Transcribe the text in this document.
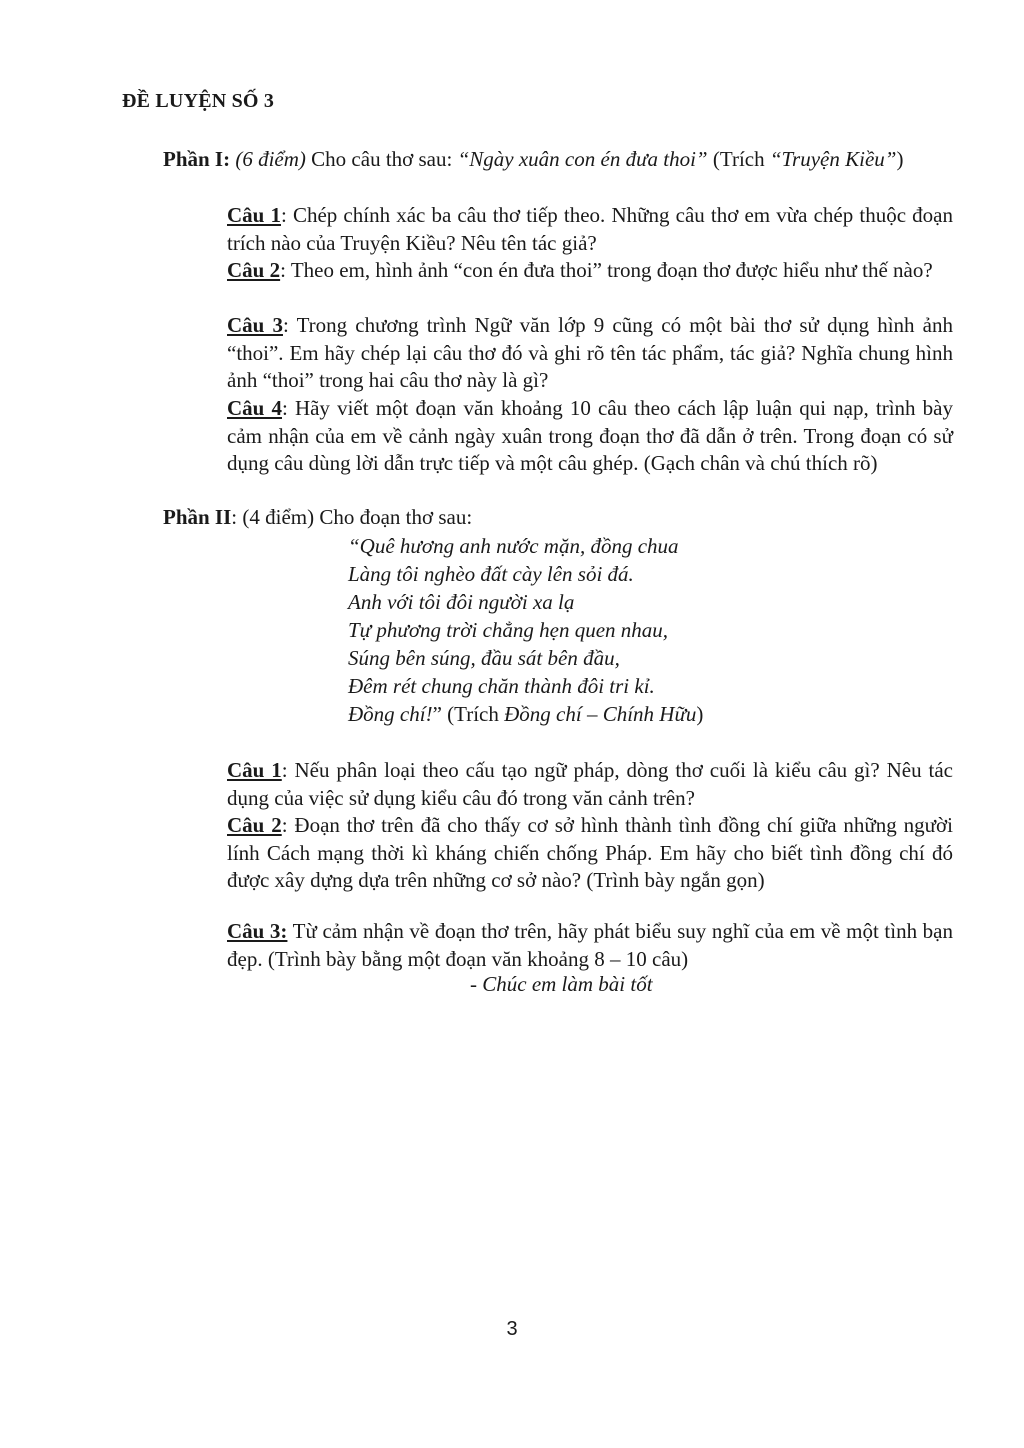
ĐỀ LUYỆN SỐ 3
Phần I: (6 điểm) Cho câu thơ sau: “Ngày xuân con én đưa thoi” (Trích “Truyện Kiều”)
Câu 1: Chép chính xác ba câu thơ tiếp theo. Những câu thơ em vừa chép thuộc đoạn trích nào của Truyện Kiều? Nêu tên tác giả?
Câu 2: Theo em, hình ảnh “con én đưa thoi” trong đoạn thơ được hiểu như thế nào?
Câu 3: Trong chương trình Ngữ văn lớp 9 cũng có một bài thơ sử dụng hình ảnh “thoi”. Em hãy chép lại câu thơ đó và ghi rõ tên tác phẩm, tác giả? Nghĩa chung hình ảnh “thoi” trong hai câu thơ này là gì?
Câu 4: Hãy viết một đoạn văn khoảng 10 câu theo cách lập luận qui nạp, trình bày cảm nhận của em về cảnh ngày xuân trong đoạn thơ đã dẫn ở trên. Trong đoạn có sử dụng câu dùng lời dẫn trực tiếp và một câu ghép. (Gạch chân và chú thích rõ)
Phần II: (4 điểm) Cho đoạn thơ sau:
“Quê hương anh nước mặn, đồng chua
Làng tôi nghèo đất cày lên sỏi đá.
Anh với tôi đôi người xa lạ
Tự phương trời chẳng hẹn quen nhau,
Súng bên súng, đầu sát bên đầu,
Đêm rét chung chăn thành đôi tri kỉ.
Đồng chí!” (Trích Đồng chí – Chính Hữu)
Câu 1: Nếu phân loại theo cấu tạo ngữ pháp, dòng thơ cuối là kiểu câu gì? Nêu tác dụng của việc sử dụng kiểu câu đó trong văn cảnh trên?
Câu 2: Đoạn thơ trên đã cho thấy cơ sở hình thành tình đồng chí giữa những người lính Cách mạng thời kì kháng chiến chống Pháp. Em hãy cho biết tình đồng chí đó được xây dựng dựa trên những cơ sở nào? (Trình bày ngắn gọn)
Câu 3: Từ cảm nhận về đoạn thơ trên, hãy phát biểu suy nghĩ của em về một tình bạn đẹp. (Trình bày bằng một đoạn văn khoảng 8 – 10 câu)
- Chúc em làm bài tốt
3
